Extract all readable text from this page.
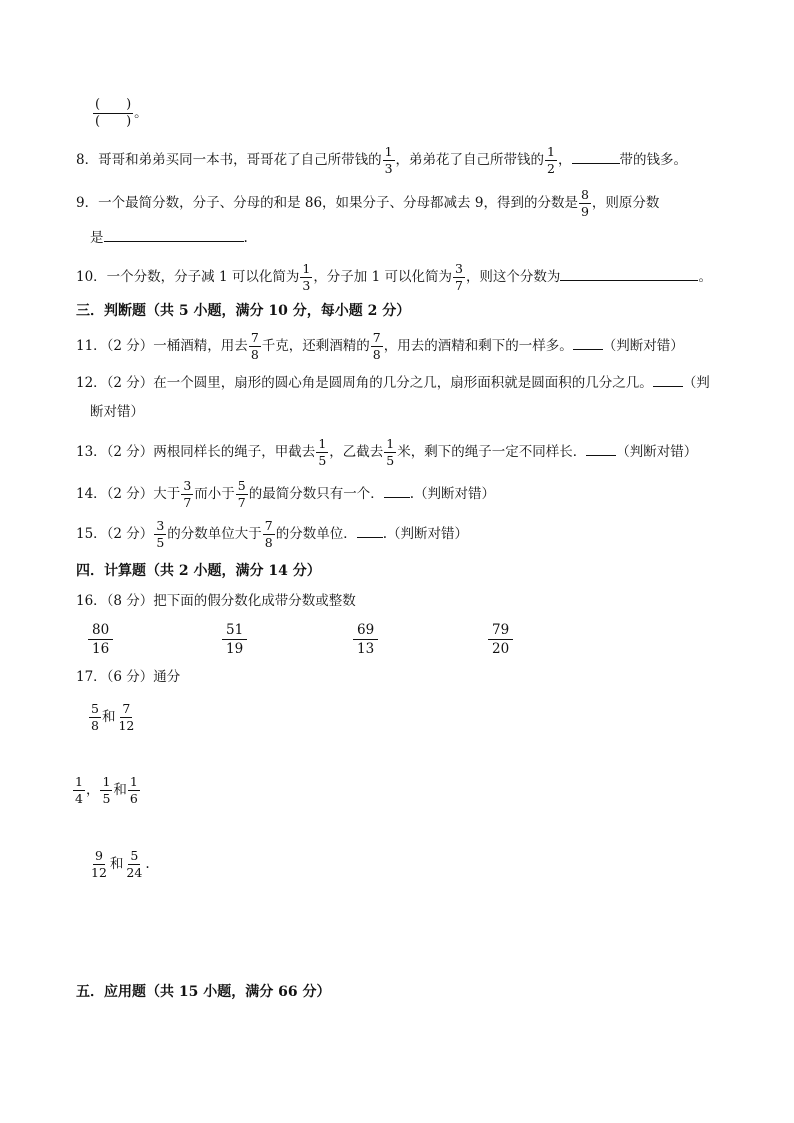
$\frac{( )}{( )}$ 。
8．哥哥和弟弟买同一本书，哥哥花了自己所带钱的 $\frac{1}{3}$ ，弟弟花了自己所带钱的 $\frac{1}{2}$ ，	带的钱多。
9．一个最简分数，分子、分母的和是 86，如果分子、分母都减去 9，得到的分数是 $\frac{8}{9}$ ，则原分数
是	.
10．一个分数，分子减 1 可以化简为 $\frac{1}{3}$ ，分子加 1 可以化简为 $\frac{3}{7}$ ，则这个分数为	。
三．判断题（共 5 小题，满分 10 分，每小题 2 分）
11．（2 分）一桶酒精，用去 $\frac{7}{8}$ 千克，还剩酒精的 $\frac{7}{8}$ ，用去的酒精和剩下的一样多。 （判断对错）
12．（2 分）在一个圆里，扇形的圆心角是圆周角的几分之几，扇形面积就是圆面积的几分之几。 （判
断对错）
13．（2 分）两根同样长的绳子，甲截去 $\frac{1}{5}$ ，乙截去 $\frac{1}{5}$ 米，剩下的绳子一定不同样长． （判断对错）
14．（2 分）大于 $\frac{3}{7}$ 而小于 $\frac{5}{7}$ 的最简分数只有一个． .（判断对错）
15．（2 分） $\frac{3}{5}$ 的分数单位大于 $\frac{7}{8}$ 的分数单位． .（判断对错）
四．计算题（共 2 小题，满分 14 分）
16．（8 分）把下面的假分数化成带分数或整数
$\frac{80}{16}$	$\frac{51}{19}$	$\frac{69}{13}$	$\frac{79}{20}$
17．（6 分）通分
$\frac{5}{8}$ 和 $\frac{7}{12}$
$\frac{1}{4}$ ， $\frac{1}{5}$ 和 $\frac{1}{6}$
$\frac{9}{12}$ 和 $\frac{5}{24}$ .
五．应用题（共 15 小题，满分 66 分）
